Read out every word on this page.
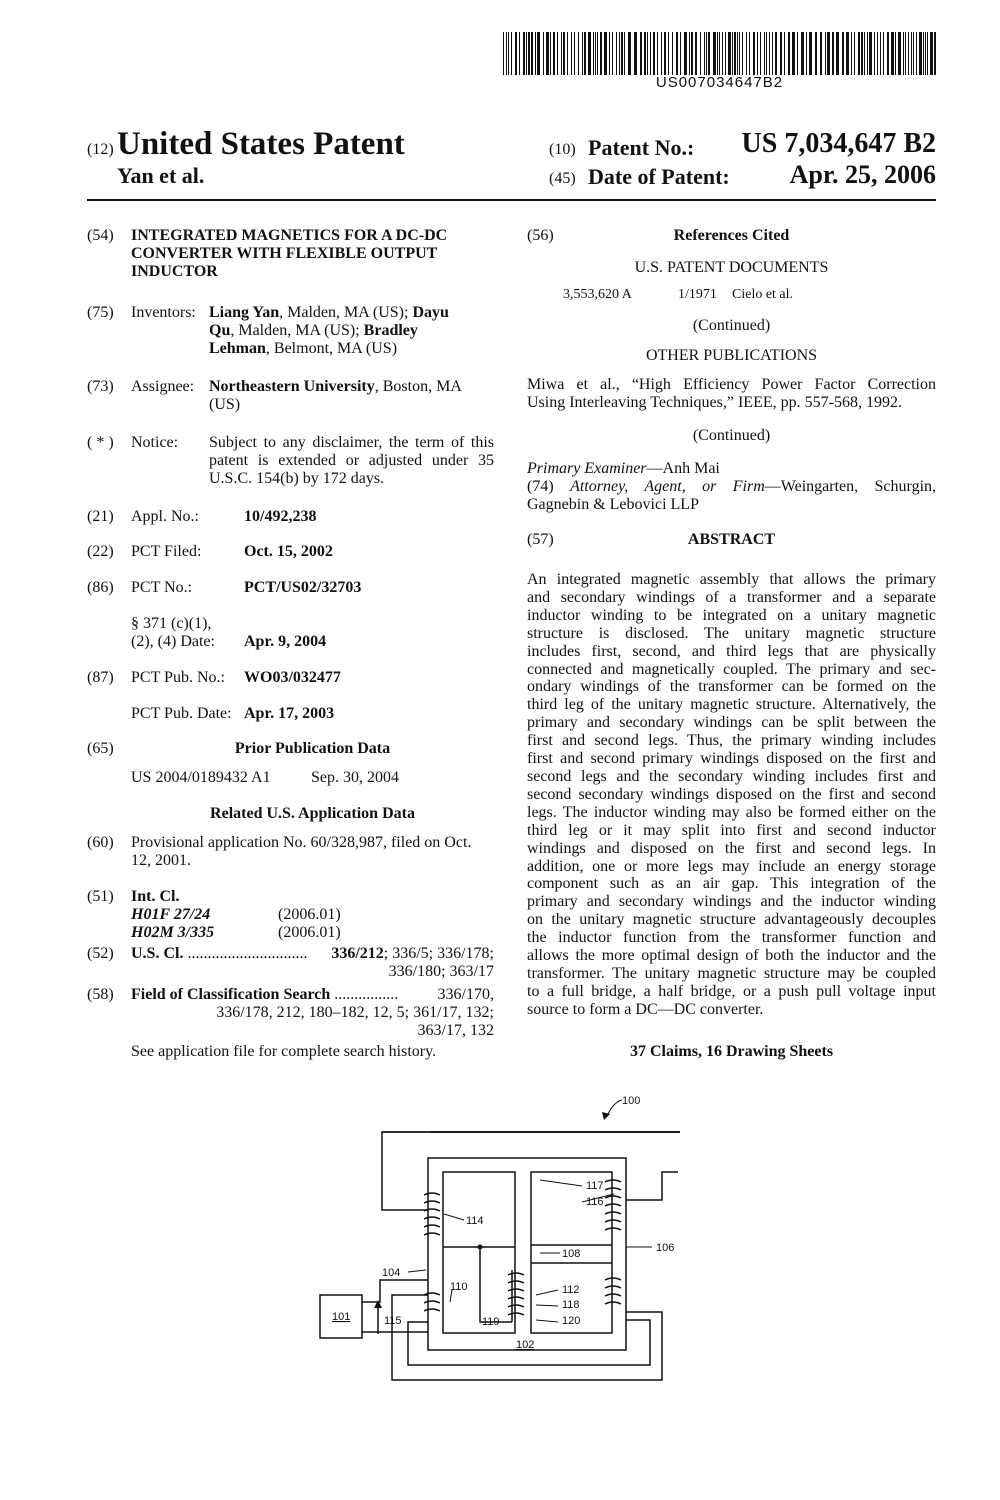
US007034647B2
(12) United States Patent
Yan et al.
(10) Patent No.:	US 7,034,647 B2
(45) Date of Patent:	Apr. 25, 2006
(54) INTEGRATED MAGNETICS FOR A DC-DC
CONVERTER WITH FLEXIBLE OUTPUT
INDUCTOR
(75) Inventors: Liang Yan, Malden, MA (US); Dayu
Qu, Malden, MA (US); Bradley
Lehman, Belmont, MA (US)
(73) Assignee: Northeastern University, Boston, MA
(US)
( * ) Notice: Subject to any disclaimer, the term of this
patent is extended or adjusted under 35
U.S.C. 154(b) by 172 days.
(21) Appl. No.:	10/492,238
(22) PCT Filed:	Oct. 15, 2002
(86) PCT No.:	PCT/US02/32703
§ 371 (c)(1),
(2), (4) Date: Apr. 9, 2004
(87) PCT Pub. No.: WO03/032477
PCT Pub. Date: Apr. 17, 2003
(65)	Prior Publication Data
US 2004/0189432 A1	Sep. 30, 2004
Related U.S. Application Data
(60) Provisional application No. 60/328,987, filed on Oct.
12, 2001.
(51) Int. Cl.
H01F 27/24	(2006.01)
H02M 3/335	(2006.01)
(52) U.S. Cl. ..............................	336/212; 336/5; 336/178;
336/180; 363/17
(58) Field of Classification Search ................	336/170,
336/178, 212, 180–182, 12, 5; 361/17, 132;
363/17, 132
See application file for complete search history.
(56)	References Cited
U.S. PATENT DOCUMENTS
3,553,620 A	1/1971 Cielo et al.
(Continued)
OTHER PUBLICATIONS
Miwa et al., “High Efficiency Power Factor Correction
Using Interleaving Techniques,” IEEE, pp. 557-568, 1992.
(Continued)
Primary Examiner—Anh Mai
(74) Attorney, Agent, or Firm—Weingarten, Schurgin,
Gagnebin & Lebovici LLP
(57)	ABSTRACT
An integrated magnetic assembly that allows the primary
and secondary windings of a transformer and a separate
inductor winding to be integrated on a unitary magnetic
structure is disclosed. The unitary magnetic structure
includes first, second, and third legs that are physically
connected and magnetically coupled. The primary and sec-
ondary windings of the transformer can be formed on the
third leg of the unitary magnetic structure. Alternatively, the
primary and secondary windings can be split between the
first and second legs. Thus, the primary winding includes
first and second primary windings disposed on the first and
second legs and the secondary winding includes first and
second secondary windings disposed on the first and second
legs. The inductor winding may also be formed either on the
third leg or it may split into first and second inductor
windings and disposed on the first and second legs. In
addition, one or more legs may include an energy storage
component such as an air gap. This integration of the
primary and secondary windings and the inductor winding
on the unitary magnetic structure advantageously decouples
the inductor function from the transformer function and
allows the more optimal design of both the inductor and the
transformer. The unitary magnetic structure may be coupled
to a full bridge, a half bridge, or a push pull voltage input
source to form a DC—DC converter.
37 Claims, 16 Drawing Sheets
100
117
116
114
106
108
104
110	112
118
101	115	119	120
102
